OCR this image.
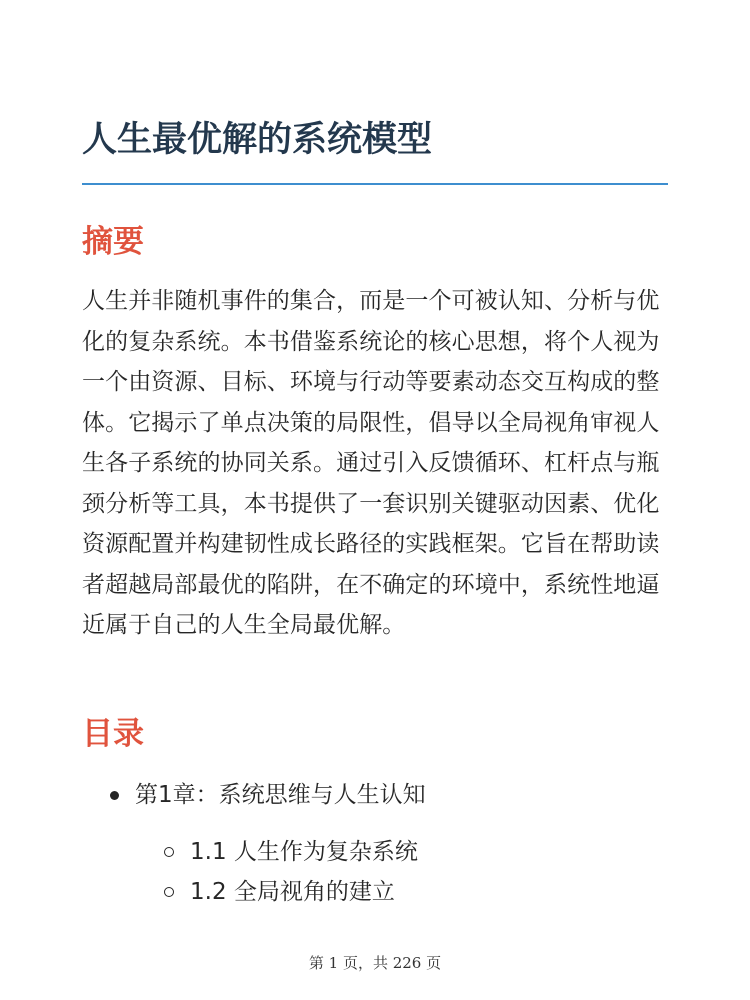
人生最优解的系统模型
摘要

人生并非随机事件的集合，而是一个可被认知、分析与优化的复杂系统。本书借鉴系统论的核心思想，将个人视为一个由资源、目标、环境与行动等要素动态交互构成的整体。它揭示了单点决策的局限性，倡导以全局视角审视人生各子系统的协同关系。通过引入反馈循环、杠杆点与瓶颈分析等工具，本书提供了一套识别关键驱动因素、优化资源配置并构建韧性成长路径的实践框架。它旨在帮助读者超越局部最优的陷阱，在不确定的环境中，系统性地逼近属于自己的人生全局最优解。

目录
第1章：系统思维与人生认知
1.1 人生作为复杂系统
1.2 全局视角的建立
第 1 页，共 226 页
